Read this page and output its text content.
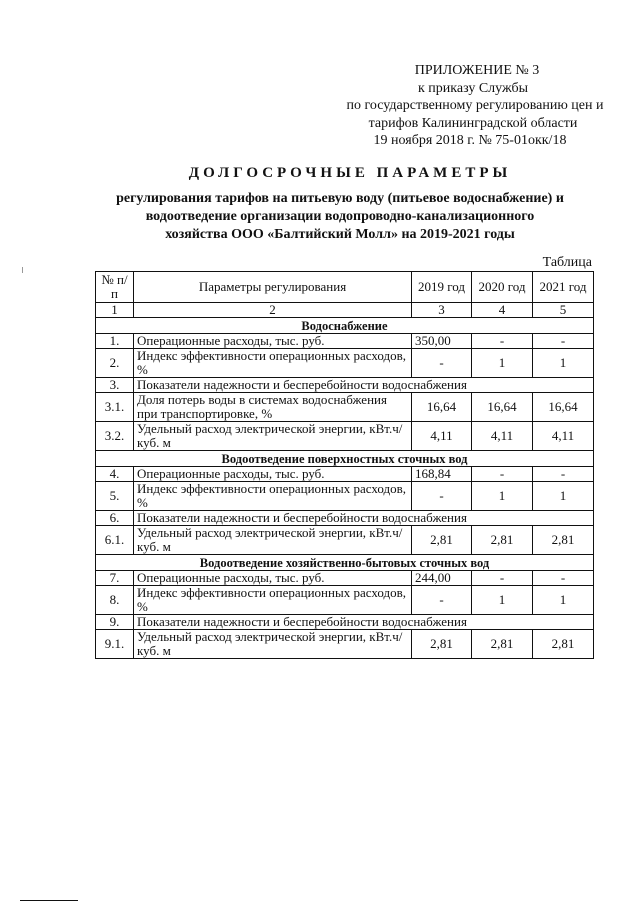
ПРИЛОЖЕНИЕ № 3
к приказу Службы
по государственному регулированию цен и
тарифов Калининградской области
19 ноября 2018 г. № 75-01окк/18
ДОЛГОСРОЧНЫЕ ПАРАМЕТРЫ
регулирования тарифов на питьевую воду (питьевое водоснабжение) и
водоотведение организации водопроводно-канализационного
хозяйства ООО «Балтийский Молл» на 2019-2021 годы
Таблица
№ п/п	Параметры регулирования	2019 год	2020 год	2021 год
1	2	3	4	5
Водоснабжение				
1.	Операционные расходы, тыс. руб.	350,00	-	-
2.	Индекс эффективности операционных расходов, %	-	1	1
3.	Показатели надежности и бесперебойности водоснабжения			
3.1.	Доля потерь воды в системах водоснабжения при транспортировке, %	16,64	16,64	16,64
3.2.	Удельный расход электрической энергии, кВт.ч/ куб. м	4,11	4,11	4,11
Водоотведение поверхностных сточных вод				
4.	Операционные расходы, тыс. руб.	168,84	-	-
5.	Индекс эффективности операционных расходов, %	-	1	1
6.	Показатели надежности и бесперебойности водоснабжения			
6.1.	Удельный расход электрической энергии, кВт.ч/ куб. м	2,81	2,81	2,81
Водоотведение хозяйственно-бытовых сточных вод				
7.	Операционные расходы, тыс. руб.	244,00	-	-
8.	Индекс эффективности операционных расходов, %	-	1	1
9.	Показатели надежности и бесперебойности водоснабжения			
9.1.	Удельный расход электрической энергии, кВт.ч/ куб. м	2,81	2,81	2,81
